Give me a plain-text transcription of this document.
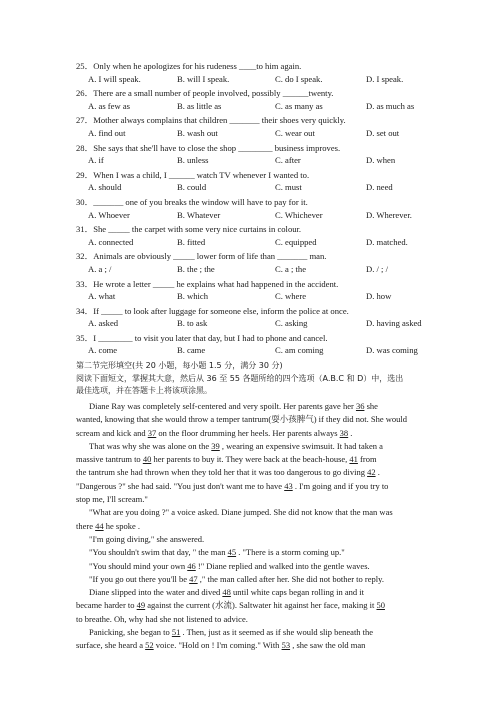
25．Only when he apologizes for his rudeness ____to him again.
A. I will speak.	B. will I speak.	C. do I speak.	D. I speak.
26．There are a small number of people involved, possibly ______twenty.
A. as few as	B. as little as	C. as many as	D. as much as
27．Mother always complains that children _______ their shoes very quickly.
A. find out	B. wash out	C. wear out	D. set out
28．She says that she'll have to close the shop ________ business improves.
A. if	B. unless	C. after	D. when
29．When I was a child, I ______ watch TV whenever I wanted to.
A. should	B. could	C. must	D. need
30．_______ one of you breaks the window will have to pay for it.
A. Whoever	B. Whatever	C. Whichever	D. Wherever.
31．She _____ the carpet with some very nice curtains in colour.
A. connected	B. fitted	C. equipped	D. matched.
32．Animals are obviously _____ lower form of life than _______ man.
A. a ; /	B. the ; the	C. a ; the	D. / ; /
33．He wrote a letter _____ he explains what had happened in the accident.
A. what	B. which	C. where	D. how
34．If _____ to look after luggage for someone else, inform the police at once.
A. asked	B. to ask	C. asking	D. having asked
35．I ________ to visit you later that day, but I had to phone and cancel.
A. come	B. came	C. am coming	D. was coming
第二节完形填空(共 20 小题，每小题 1.5 分，满分 30 分)
阅读下面短文，掌握其大意，然后从 36 至 55 各题所给的四个选项（A.B.C 和 D）中，选出
最佳选项，并在答题卡上将该项涂黑。

Diane Ray was completely self-centered and very spoilt. Her parents gave her 36 she
wanted, knowing that she would throw a temper tantrum(耍小孩脾气) if they did not. She would
scream and kick and 37 on the floor drumming her heels. Her parents always 38 .

That was why she was alone on the 39 , wearing an expensive swimsuit. It had taken a
massive tantrum to 40 her parents to buy it. They were back at the beach-house, 41 from
the tantrum she had thrown when they told her that it was too dangerous to go diving 42 .
"Dangerous ?" she had said. "You just don't want me to have 43 . I'm going and if you try to
stop me, I'll scream."

"What are you doing ?" a voice asked. Diane jumped. She did not know that the man was
there 44 he spoke .

"I'm going diving," she answered.

"You shouldn't swim that day, " the man 45 . "There is a storm coming up."

"You should mind your own 46 !" Diane replied and walked into the gentle waves.

"If you go out there you'll be 47 ," the man called after her. She did not bother to reply.

Diane slipped into the water and dived 48 until white caps began rolling in and it
became harder to 49 against the current (水流). Saltwater hit against her face, making it 50
to breathe. Oh, why had she not listened to advice.

Panicking, she began to 51 . Then, just as it seemed as if she would slip beneath the
surface, she heard a 52 voice. "Hold on ! I'm coming." With 53 , she saw the old man
